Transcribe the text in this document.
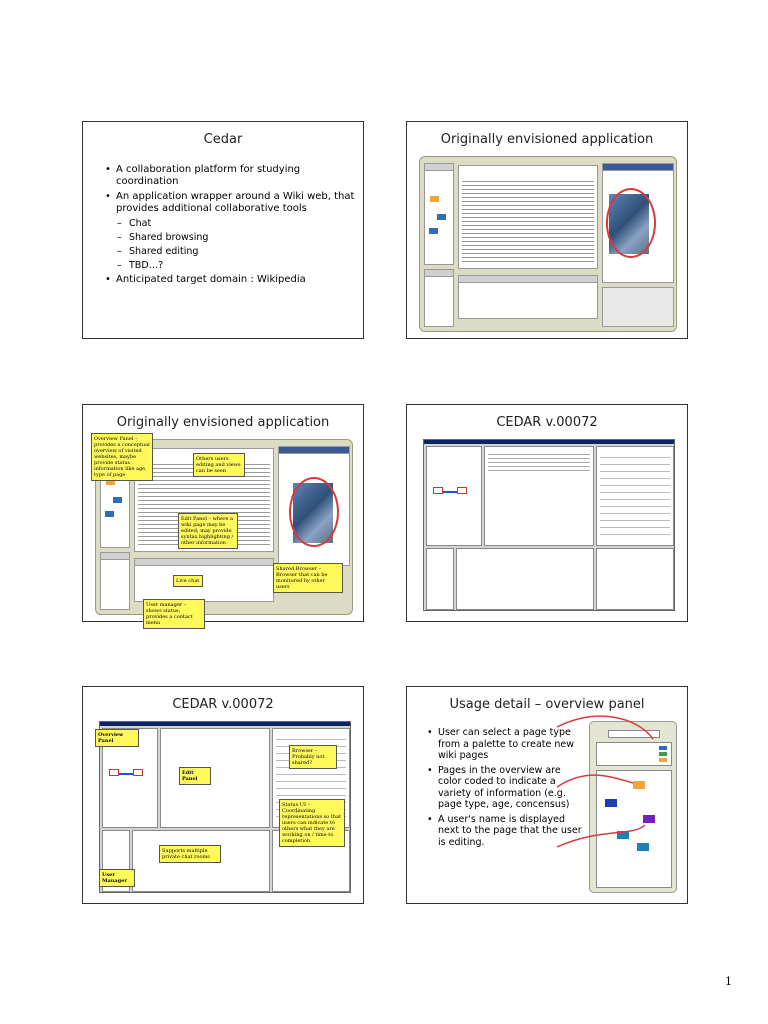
Cedar
• A collaboration platform for studying coordination
• An application wrapper around a Wiki web, that provides additional collaborative tools
– Chat
– Shared browsing
– Shared editing
– TBD…?
• Anticipated target domain : Wikipedia
Originally envisioned application
Originally envisioned application
Overview Panel – provides a conceptual overview of visited websites, maybe provide status information like age, type of page
Others users editing and views can be seen
Edit Panel – where a wiki page may be edited; may provide syntax highlighting / other information
Live chat
Shared Browser – Browser that can be monitored by other users
User manager – shows status; provides a contact menu
CEDAR v.00072
CEDAR v.00072
Overview Panel
Edit Panel
Browser – Probably not shared?
Status UI – Coordinating representations so that users can indicate to others what they are working on / time to completion
Supports multiple private chat rooms
User Manager
Usage detail – overview panel
• User can select a page type from a palette to create new wiki pages
• Pages in the overview are color coded to indicate a variety of information (e.g. page type, age, concensus)
• A user's name is displayed next to the page that the user is editing.
1
